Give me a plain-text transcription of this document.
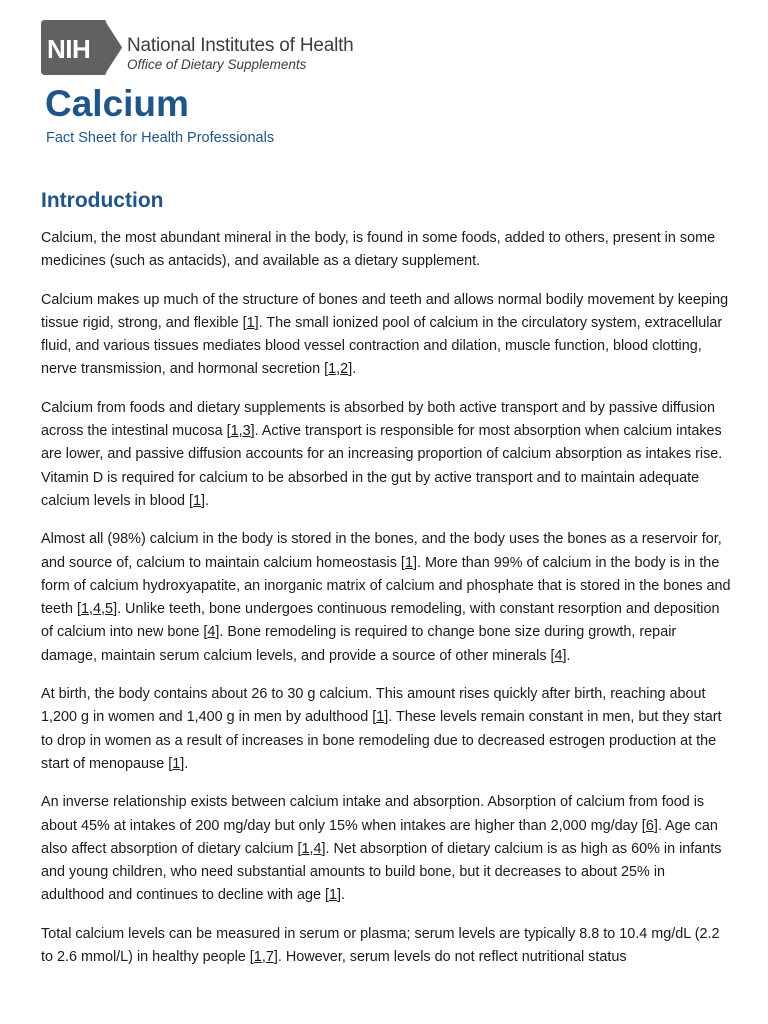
NIH National Institutes of Health
Office of Dietary Supplements
Calcium

Fact Sheet for Health Professionals

Introduction

Calcium, the most abundant mineral in the body, is found in some foods, added to others, present in some medicines (such as antacids), and available as a dietary supplement.

Calcium makes up much of the structure of bones and teeth and allows normal bodily movement by keeping tissue rigid, strong, and flexible [1]. The small ionized pool of calcium in the circulatory system, extracellular fluid, and various tissues mediates blood vessel contraction and dilation, muscle function, blood clotting, nerve transmission, and hormonal secretion [1,2].

Calcium from foods and dietary supplements is absorbed by both active transport and by passive diffusion across the intestinal mucosa [1,3]. Active transport is responsible for most absorption when calcium intakes are lower, and passive diffusion accounts for an increasing proportion of calcium absorption as intakes rise. Vitamin D is required for calcium to be absorbed in the gut by active transport and to maintain adequate calcium levels in blood [1].

Almost all (98%) calcium in the body is stored in the bones, and the body uses the bones as a reservoir for, and source of, calcium to maintain calcium homeostasis [1]. More than 99% of calcium in the body is in the form of calcium hydroxyapatite, an inorganic matrix of calcium and phosphate that is stored in the bones and teeth [1,4,5]. Unlike teeth, bone undergoes continuous remodeling, with constant resorption and deposition of calcium into new bone [4]. Bone remodeling is required to change bone size during growth, repair damage, maintain serum calcium levels, and provide a source of other minerals [4].

At birth, the body contains about 26 to 30 g calcium. This amount rises quickly after birth, reaching about 1,200 g in women and 1,400 g in men by adulthood [1]. These levels remain constant in men, but they start to drop in women as a result of increases in bone remodeling due to decreased estrogen production at the start of menopause [1].

An inverse relationship exists between calcium intake and absorption. Absorption of calcium from food is about 45% at intakes of 200 mg/day but only 15% when intakes are higher than 2,000 mg/day [6]. Age can also affect absorption of dietary calcium [1,4]. Net absorption of dietary calcium is as high as 60% in infants and young children, who need substantial amounts to build bone, but it decreases to about 25% in adulthood and continues to decline with age [1].

Total calcium levels can be measured in serum or plasma; serum levels are typically 8.8 to 10.4 mg/dL (2.2 to 2.6 mmol/L) in healthy people [1,7]. However, serum levels do not reflect nutritional status
